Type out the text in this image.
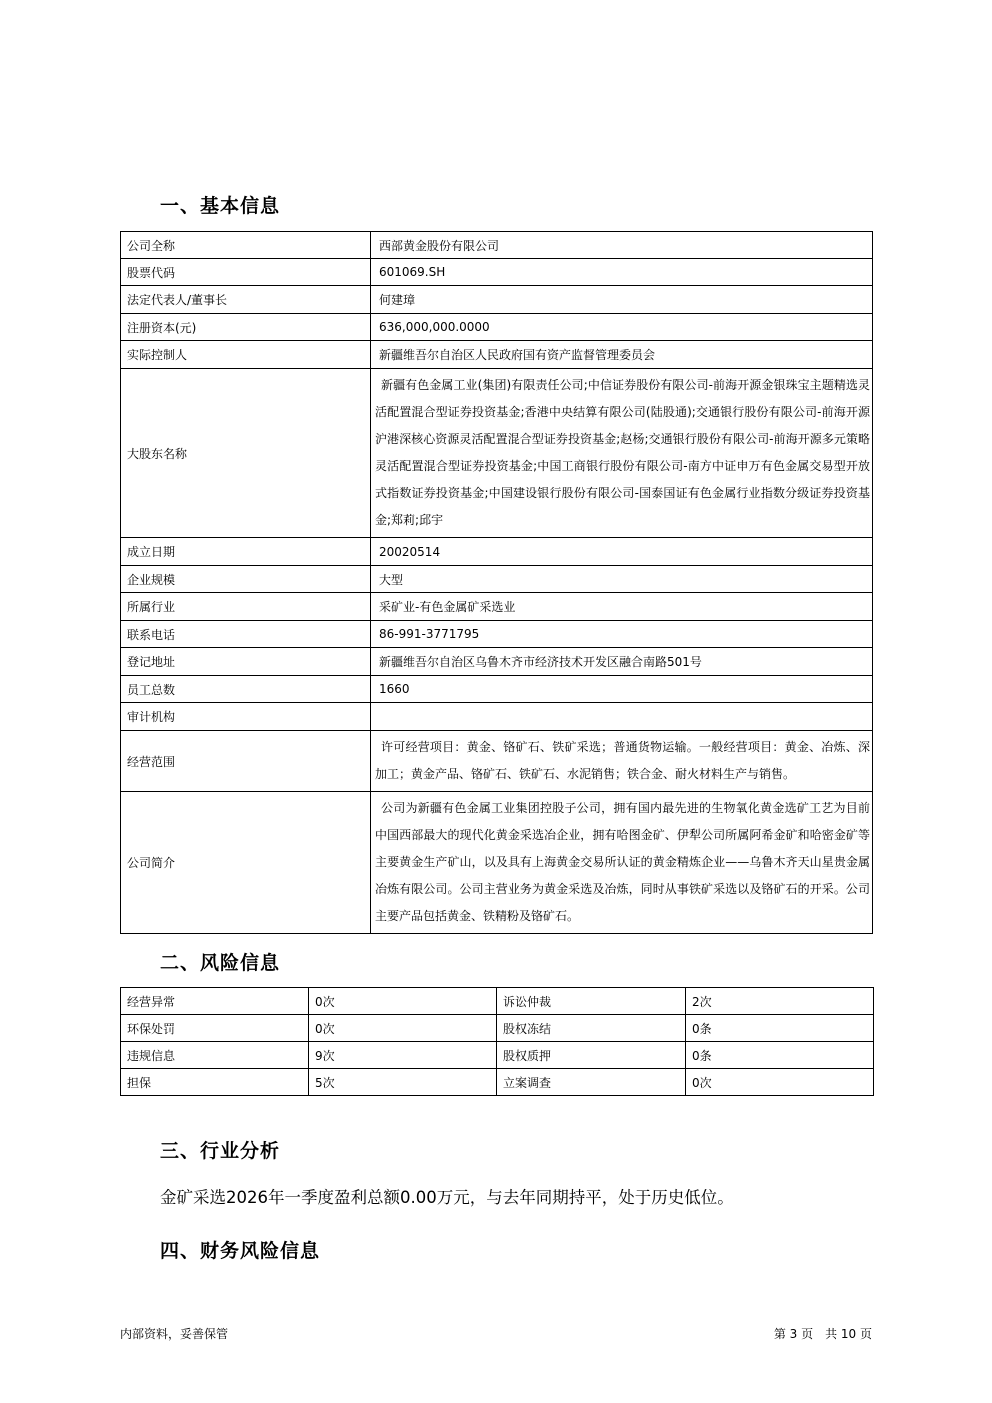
一、基本信息
公司全称	西部黄金股份有限公司
股票代码	601069.SH
法定代表人/董事长	何建璋
注册资本(元)	636,000,000.0000
实际控制人	新疆维吾尔自治区人民政府国有资产监督管理委员会
大股东名称	新疆有色金属工业(集团)有限责任公司;中信证券股份有限公司-前海开源金银珠宝主题精选灵活配置混合型证券投资基金;香港中央结算有限公司(陆股通);交通银行股份有限公司-前海开源沪港深核心资源灵活配置混合型证券投资基金;赵杨;交通银行股份有限公司-前海开源多元策略灵活配置混合型证券投资基金;中国工商银行股份有限公司-南方中证申万有色金属交易型开放式指数证券投资基金;中国建设银行股份有限公司-国泰国证有色金属行业指数分级证券投资基金;郑莉;邱宇
成立日期	20020514
企业规模	大型
所属行业	采矿业-有色金属矿采选业
联系电话	86-991-3771795
登记地址	新疆维吾尔自治区乌鲁木齐市经济技术开发区融合南路501号
员工总数	1660
审计机构	
经营范围	许可经营项目：黄金、铬矿石、铁矿采选；普通货物运输。一般经营项目：黄金、冶炼、深加工；黄金产品、铬矿石、铁矿石、水泥销售；铁合金、耐火材料生产与销售。
公司简介	公司为新疆有色金属工业集团控股子公司，拥有国内最先进的生物氧化黄金选矿工艺为目前中国西部最大的现代化黄金采选冶企业，拥有哈图金矿、伊犁公司所属阿希金矿和哈密金矿等主要黄金生产矿山，以及具有上海黄金交易所认证的黄金精炼企业——乌鲁木齐天山星贵金属冶炼有限公司。公司主营业务为黄金采选及冶炼，同时从事铁矿采选以及铬矿石的开采。公司主要产品包括黄金、铁精粉及铬矿石。
二、风险信息
经营异常	0次	诉讼仲裁	2次
环保处罚	0次	股权冻结	0条
违规信息	9次	股权质押	0条
担保	5次	立案调查	0次
三、行业分析

金矿采选2026年一季度盈利总额0.00万元，与去年同期持平，处于历史低位。

四、财务风险信息
内部资料，妥善保管	第 3 页　共 10 页
